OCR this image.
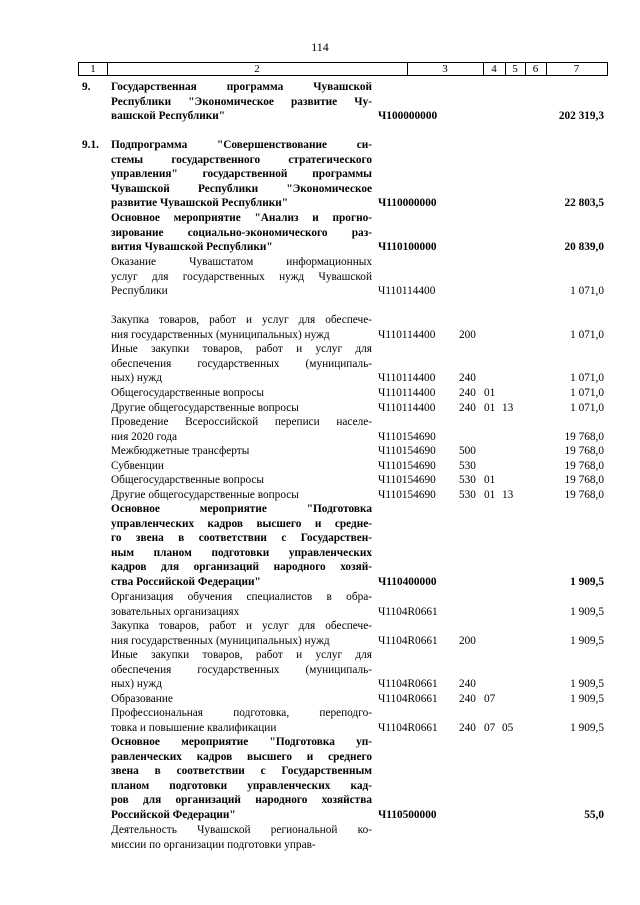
114
1	2	3	4	5	6	7
9.	Государственная программа Чувашской
Республики "Экономическое развитие Чу-
вашской Республики"	Ч100000000	202 319,3
9.1.	Подпрограмма "Совершенствование си-
стемы государственного стратегического
управления" государственной программы
Чувашской Республики "Экономическое
развитие Чувашской Республики"	Ч110000000	22 803,5
Основное мероприятие "Анализ и прогно-
зирование социально-экономического раз-
вития Чувашской Республики"	Ч110100000	20 839,0
Оказание Чувашстатом информационных
услуг для государственных нужд Чувашской
Республики	Ч110114400	1 071,0
Закупка товаров, работ и услуг для обеспече-
ния государственных (муниципальных) нужд	Ч110114400	200	1 071,0
Иные закупки товаров, работ и услуг для
обеспечения государственных (муниципаль-
ных) нужд	Ч110114400	240	1 071,0
Общегосударственные вопросы	Ч110114400	240 01	1 071,0
Другие общегосударственные вопросы	Ч110114400	240 01 13	1 071,0
Проведение Всероссийской переписи населе-
ния 2020 года	Ч110154690	19 768,0
Межбюджетные трансферты	Ч110154690	500	19 768,0
Субвенции	Ч110154690	530	19 768,0
Общегосударственные вопросы	Ч110154690	530 01	19 768,0
Другие общегосударственные вопросы	Ч110154690	530 01 13	19 768,0
Основное мероприятие "Подготовка
управленческих кадров высшего и средне-
го звена в соответствии с Государствен-
ным планом подготовки управленческих
кадров для организаций народного хозяй-
ства Российской Федерации"	Ч110400000	1 909,5
Организация обучения специалистов в обра-
зовательных организациях	Ч1104R0661	1 909,5
Закупка товаров, работ и услуг для обеспече-
ния государственных (муниципальных) нужд	Ч1104R0661	200	1 909,5
Иные закупки товаров, работ и услуг для
обеспечения государственных (муниципаль-
ных) нужд	Ч1104R0661	240	1 909,5
Образование	Ч1104R0661	240 07	1 909,5
Профессиональная подготовка, переподго-
товка и повышение квалификации	Ч1104R0661	240 07 05	1 909,5
Основное мероприятие "Подготовка уп-
равленческих кадров высшего и среднего
звена в соответствии с Государственным
планом подготовки управленческих кад-
ров для организаций народного хозяйства
Российской Федерации"	Ч110500000	55,0
Деятельность Чувашской региональной ко-
миссии по организации подготовки управ-
